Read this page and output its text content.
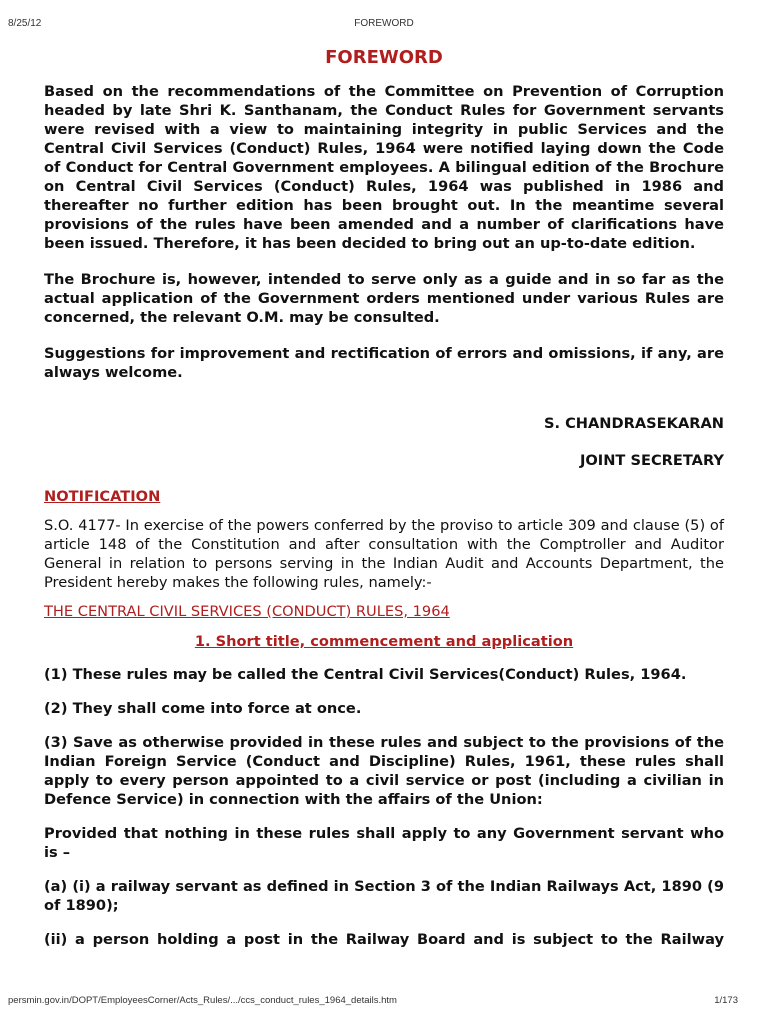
8/25/12	FOREWORD
FOREWORD

Based on the recommendations of the Committee on Prevention of Corruption headed by late Shri K. Santhanam, the Conduct Rules for Government servants were revised with a view to maintaining integrity in public Services and the Central Civil Services (Conduct) Rules, 1964 were notified laying down the Code of Conduct for Central Government employees. A bilingual edition of the Brochure on Central Civil Services (Conduct) Rules, 1964 was published in 1986 and thereafter no further edition has been brought out. In the meantime several provisions of the rules have been amended and a number of clarifications have been issued. Therefore, it has been decided to bring out an up-to-date edition.

The Brochure is, however, intended to serve only as a guide and in so far as the actual application of the Government orders mentioned under various Rules are concerned, the relevant O.M. may be consulted.

Suggestions for improvement and rectification of errors and omissions, if any, are always welcome.

S. CHANDRASEKARAN
JOINT SECRETARY
NOTIFICATION

S.O. 4177- In exercise of the powers conferred by the proviso to article 309 and clause (5) of article 148 of the Constitution and after consultation with the Comptroller and Auditor General in relation to persons serving in the Indian Audit and Accounts Department, the President hereby makes the following rules, namely:-

THE CENTRAL CIVIL SERVICES (CONDUCT) RULES, 1964
1. Short title, commencement and application

(1) These rules may be called the Central Civil Services(Conduct) Rules, 1964.

(2) They shall come into force at once.

(3) Save as otherwise provided in these rules and subject to the provisions of the Indian Foreign Service (Conduct and Discipline) Rules, 1961, these rules shall apply to every person appointed to a civil service or post (including a civilian in Defence Service) in connection with the affairs of the Union:

Provided that nothing in these rules shall apply to any Government servant who is –

(a) (i) a railway servant as defined in Section 3 of the Indian Railways Act, 1890 (9 of 1890);

(ii) a person holding a post in the Railway Board and is subject to the Railway

persmin.gov.in/DOPT/EmployeesCorner/Acts_Rules/.../ccs_conduct_rules_1964_details.htm	1/173
